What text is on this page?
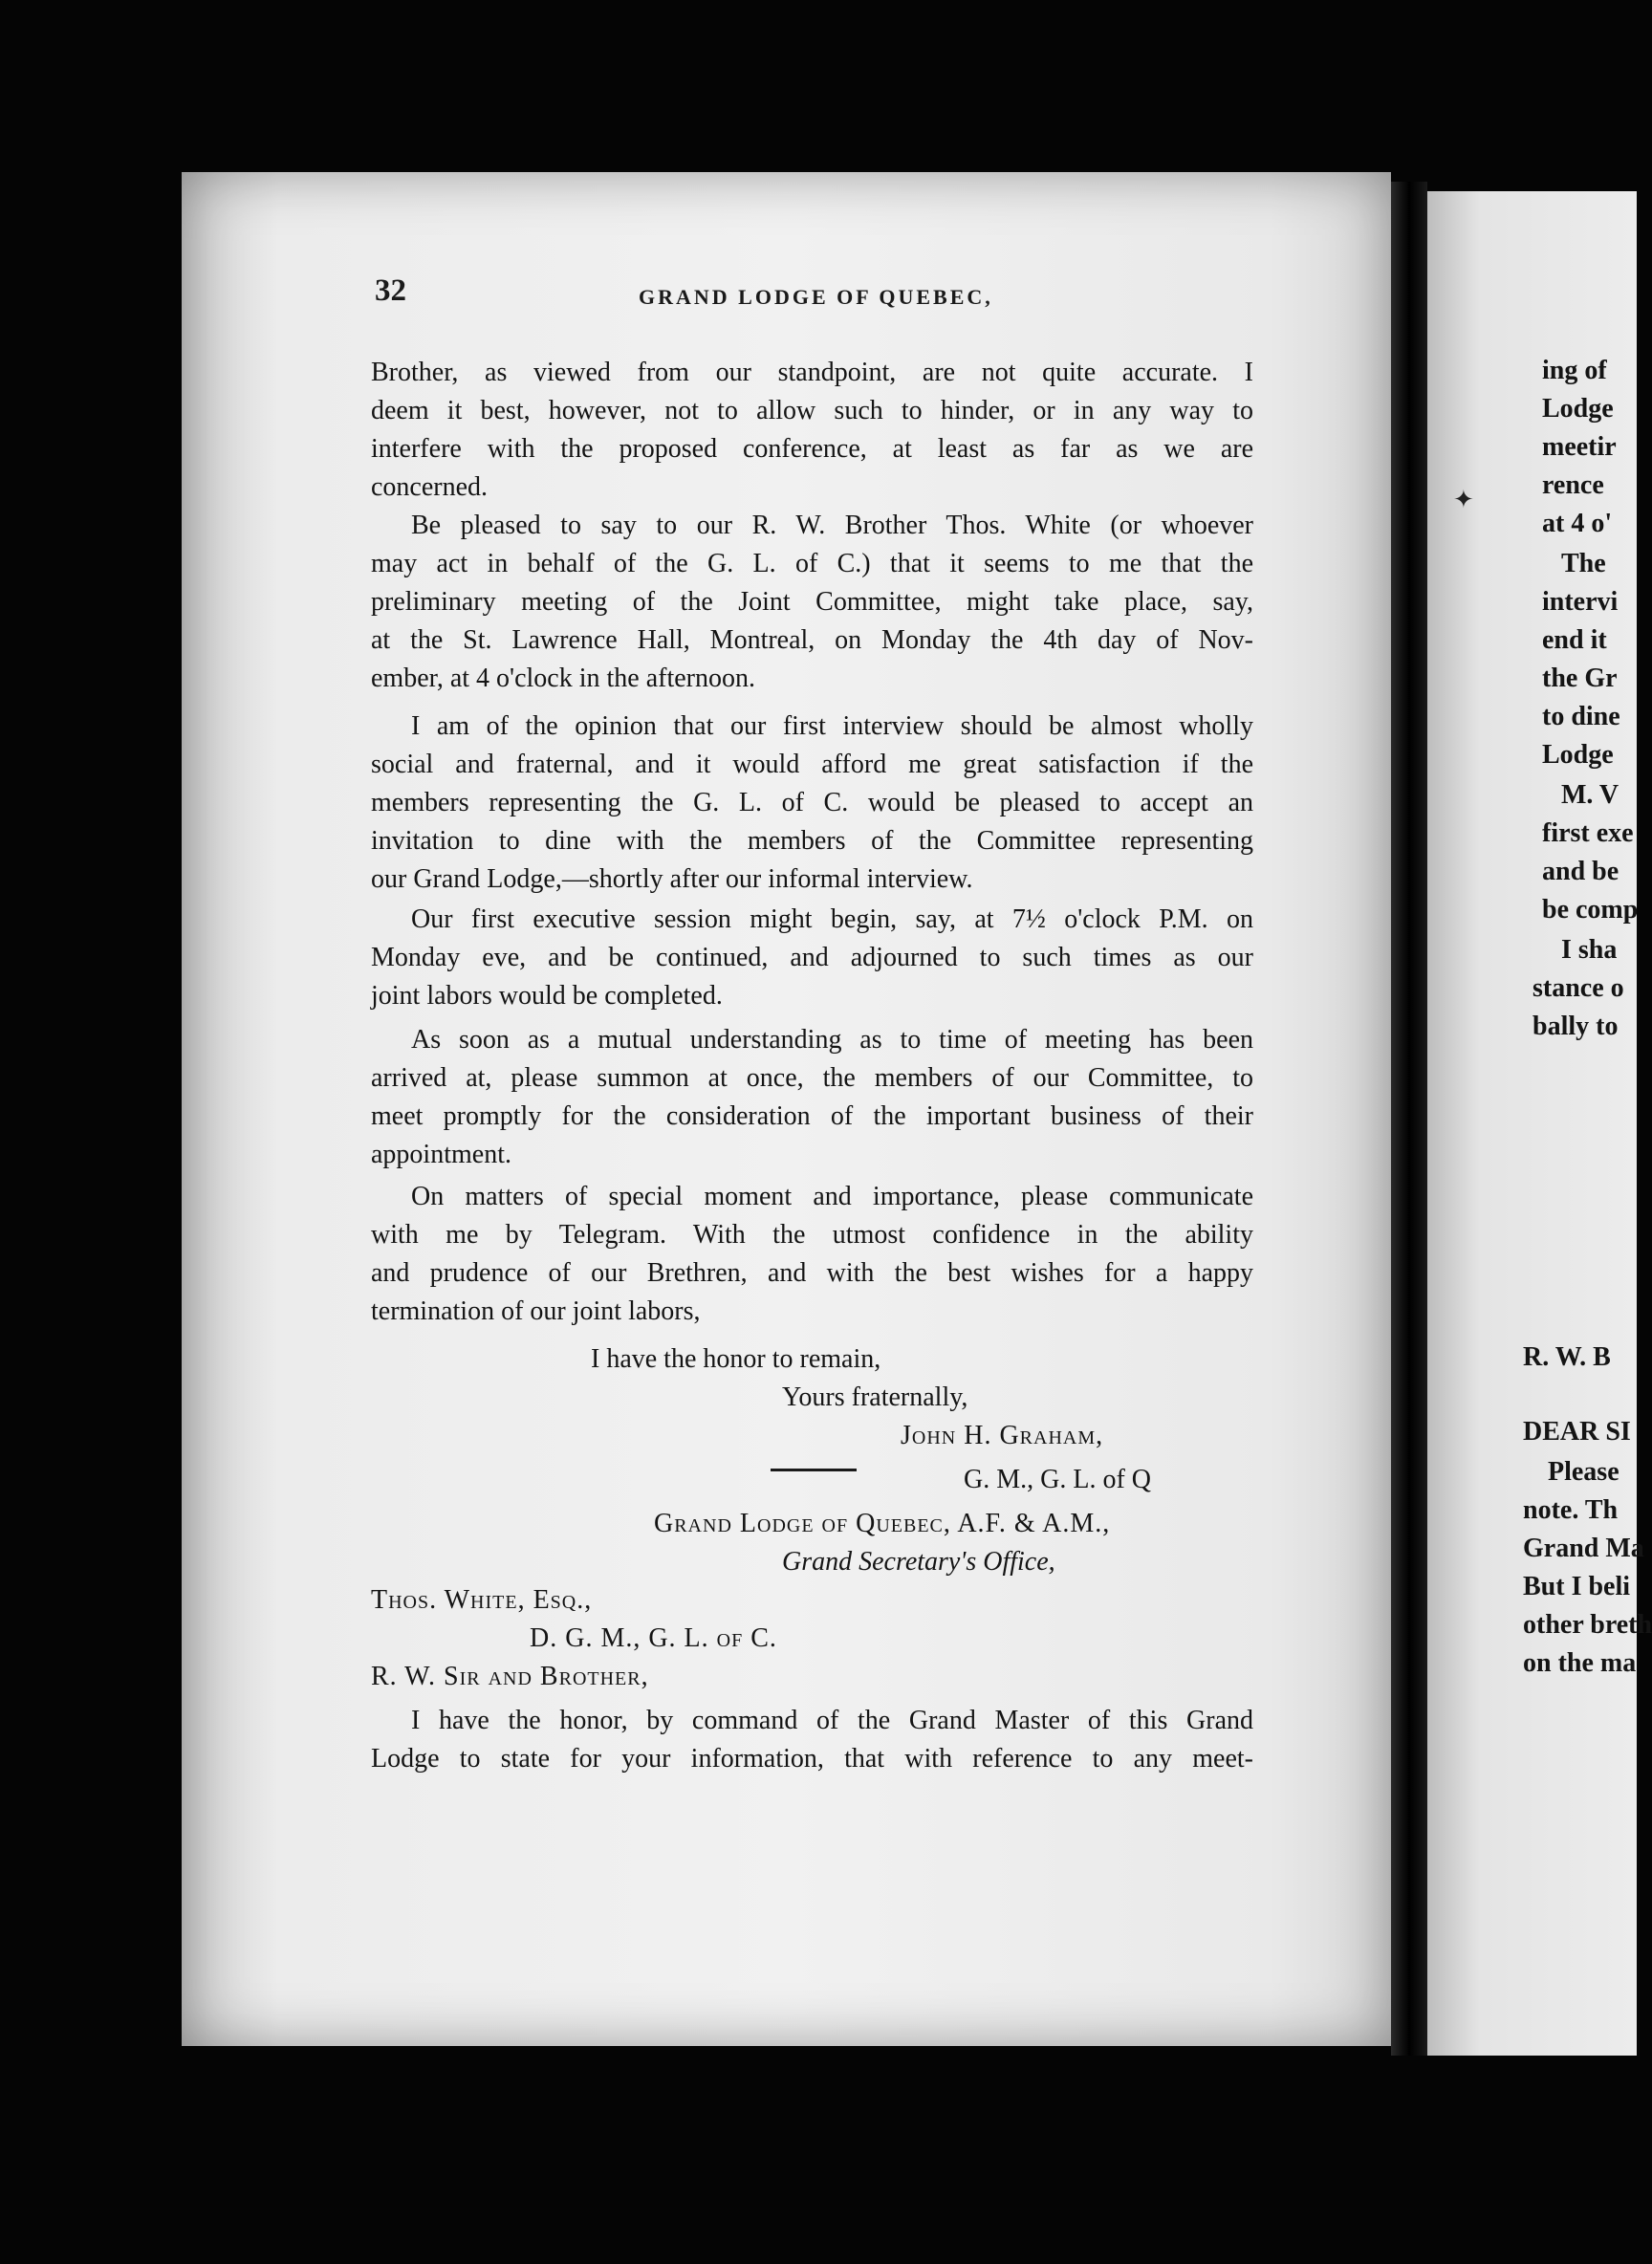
32	GRAND LODGE OF QUEBEC,
Brother, as viewed from our standpoint, are not quite accurate. I
deem it best, however, not to allow such to hinder, or in any way to
interfere with the proposed conference, at least as far as we are
concerned.
Be pleased to say to our R. W. Brother Thos. White (or whoever
may act in behalf of the G. L. of C.) that it seems to me that the
preliminary meeting of the Joint Committee, might take place, say,
at the St. Lawrence Hall, Montreal, on Monday the 4th day of Nov-
ember, at 4 o'clock in the afternoon.
I am of the opinion that our first interview should be almost wholly
social and fraternal, and it would afford me great satisfaction if the
members representing the G. L. of C. would be pleased to accept an
invitation to dine with the members of the Committee representing
our Grand Lodge,—shortly after our informal interview.
Our first executive session might begin, say, at 7½ o'clock P.M. on
Monday eve, and be continued, and adjourned to such times as our
joint labors would be completed.
As soon as a mutual understanding as to time of meeting has been
arrived at, please summon at once, the members of our Committee, to
meet promptly for the consideration of the important business of their
appointment.
On matters of special moment and importance, please communicate
with me by Telegram. With the utmost confidence in the ability
and prudence of our Brethren, and with the best wishes for a happy
termination of our joint labors,
I have the honor to remain,
Yours fraternally,
John H. Graham,
G. M., G. L. of Q
Grand Lodge of Quebec, A.F. & A.M.,
Grand Secretary's Office,
Thos. White, Esq.,
D. G. M., G. L. of C.
R. W. Sir and Brother,
I have the honor, by command of the Grand Master of this Grand
Lodge to state for your information, that with reference to any meet-
ing of
Lodge
meetir
rence
at 4 o'
The
intervi
end it
the Gr
to dine
Lodge
M. V
first exe
and be
be comp
I sha
stance o
bally to
R. W. B
DEAR SI
Please
note. Th
Grand Ma
But I beli
other breth
on the ma
✦
